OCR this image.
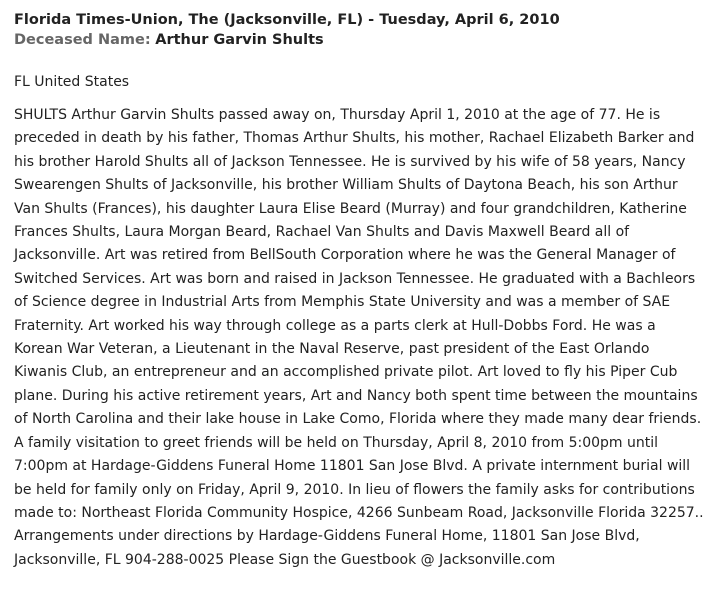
Florida Times-Union, The (Jacksonville, FL) - Tuesday, April 6, 2010
Deceased Name: Arthur Garvin Shults
FL United States
SHULTS Arthur Garvin Shults passed away on, Thursday April 1, 2010 at the age of 77. He is
preceded in death by his father, Thomas Arthur Shults, his mother, Rachael Elizabeth Barker and
his brother Harold Shults all of Jackson Tennessee. He is survived by his wife of 58 years, Nancy
Swearengen Shults of Jacksonville, his brother William Shults of Daytona Beach, his son Arthur
Van Shults (Frances), his daughter Laura Elise Beard (Murray) and four grandchildren, Katherine
Frances Shults, Laura Morgan Beard, Rachael Van Shults and Davis Maxwell Beard all of
Jacksonville. Art was retired from BellSouth Corporation where he was the General Manager of
Switched Services. Art was born and raised in Jackson Tennessee. He graduated with a Bachleors
of Science degree in Industrial Arts from Memphis State University and was a member of SAE
Fraternity. Art worked his way through college as a parts clerk at Hull-Dobbs Ford. He was a
Korean War Veteran, a Lieutenant in the Naval Reserve, past president of the East Orlando
Kiwanis Club, an entrepreneur and an accomplished private pilot. Art loved to fly his Piper Cub
plane. During his active retirement years, Art and Nancy both spent time between the mountains
of North Carolina and their lake house in Lake Como, Florida where they made many dear friends.
A family visitation to greet friends will be held on Thursday, April 8, 2010 from 5:00pm until
7:00pm at Hardage-Giddens Funeral Home 11801 San Jose Blvd. A private internment burial will
be held for family only on Friday, April 9, 2010. In lieu of flowers the family asks for contributions
made to: Northeast Florida Community Hospice, 4266 Sunbeam Road, Jacksonville Florida 32257..
Arrangements under directions by Hardage-Giddens Funeral Home, 11801 San Jose Blvd,
Jacksonville, FL 904-288-0025 Please Sign the Guestbook @ Jacksonville.com
